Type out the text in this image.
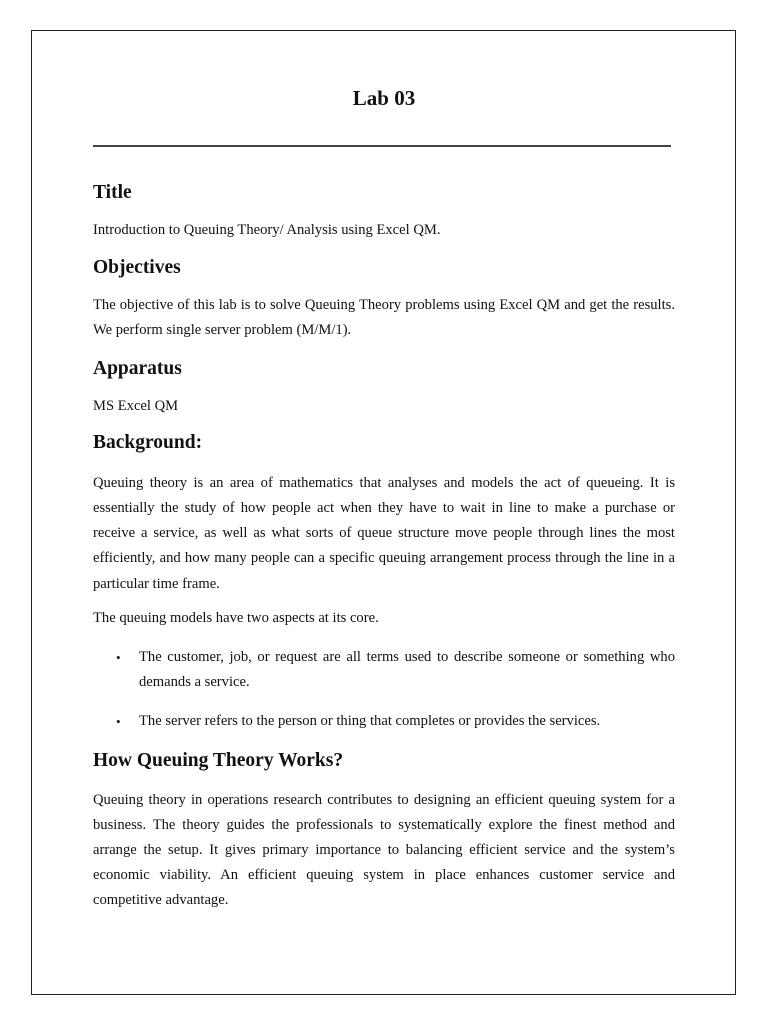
Lab 03
Title

Introduction to Queuing Theory/ Analysis using Excel QM.

Objectives

The objective of this lab is to solve Queuing Theory problems using Excel QM and get the results. We perform single server problem (M/M/1).

Apparatus

MS Excel QM

Background:

Queuing theory is an area of mathematics that analyses and models the act of queueing. It is essentially the study of how people act when they have to wait in line to make a purchase or receive a service, as well as what sorts of queue structure move people through lines the most efficiently, and how many people can a specific queuing arrangement process through the line in a particular time frame.

The queuing models have two aspects at its core.

• The customer, job, or request are all terms used to describe someone or something who demands a service.
• The server refers to the person or thing that completes or provides the services.
How Queuing Theory Works?

Queuing theory in operations research contributes to designing an efficient queuing system for a business. The theory guides the professionals to systematically explore the finest method and arrange the setup. It gives primary importance to balancing efficient service and the system’s economic viability. An efficient queuing system in place enhances customer service and competitive advantage.
